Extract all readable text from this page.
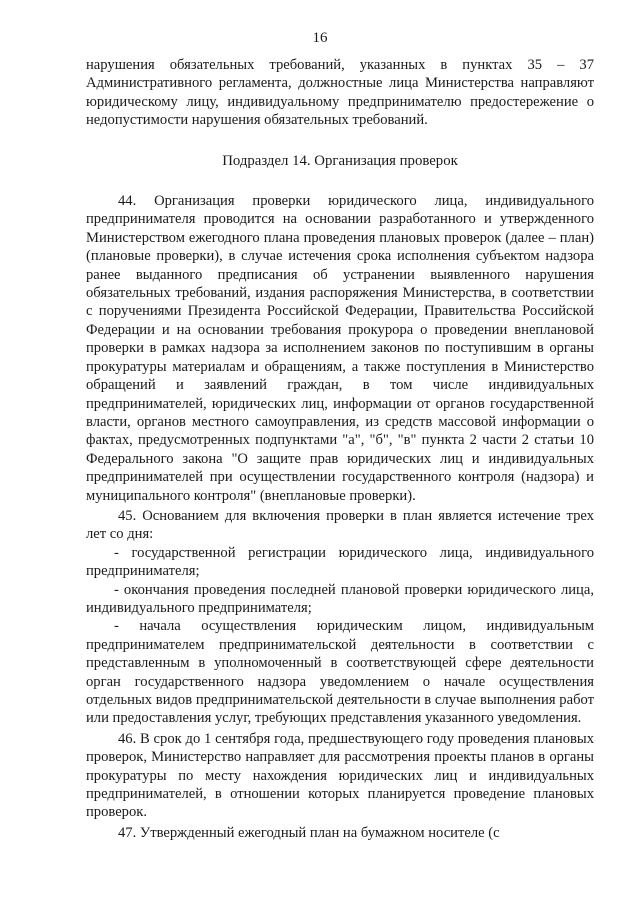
16

нарушения обязательных требований, указанных в пунктах 35 – 37 Административного регламента, должностные лица Министерства направляют юридическому лицу, индивидуальному предпринимателю предостережение о недопустимости нарушения обязательных требований.

Подраздел 14. Организация проверок

44. Организация проверки юридического лица, индивидуального предпринимателя проводится на основании разработанного и утвержденного Министерством ежегодного плана проведения плановых проверок (далее – план) (плановые проверки), в случае истечения срока исполнения субъектом надзора ранее выданного предписания об устранении выявленного нарушения обязательных требований, издания распоряжения Министерства, в соответствии с поручениями Президента Российской Федерации, Правительства Российской Федерации и на основании требования прокурора о проведении внеплановой проверки в рамках надзора за исполнением законов по поступившим в органы прокуратуры материалам и обращениям, а также поступления в Министерство обращений и заявлений граждан, в том числе индивидуальных предпринимателей, юридических лиц, информации от органов государственной власти, органов местного самоуправления, из средств массовой информации о фактах, предусмотренных подпунктами "а", "б", "в" пункта 2 части 2 статьи 10 Федерального закона "О защите прав юридических лиц и индивидуальных предпринимателей при осуществлении государственного контроля (надзора) и муниципального контроля" (внеплановые проверки).

45. Основанием для включения проверки в план является истечение трех лет со дня:

- государственной регистрации юридического лица, индивидуального предпринимателя;

- окончания проведения последней плановой проверки юридического лица, индивидуального предпринимателя;

- начала осуществления юридическим лицом, индивидуальным предпринимателем предпринимательской деятельности в соответствии с представленным в уполномоченный в соответствующей сфере деятельности орган государственного надзора уведомлением о начале осуществления отдельных видов предпринимательской деятельности в случае выполнения работ или предоставления услуг, требующих представления указанного уведомления.

46. В срок до 1 сентября года, предшествующего году проведения плановых проверок, Министерство направляет для рассмотрения проекты планов в органы прокуратуры по месту нахождения юридических лиц и индивидуальных предпринимателей, в отношении которых планируется проведение плановых проверок.

47. Утвержденный ежегодный план на бумажном носителе (с
